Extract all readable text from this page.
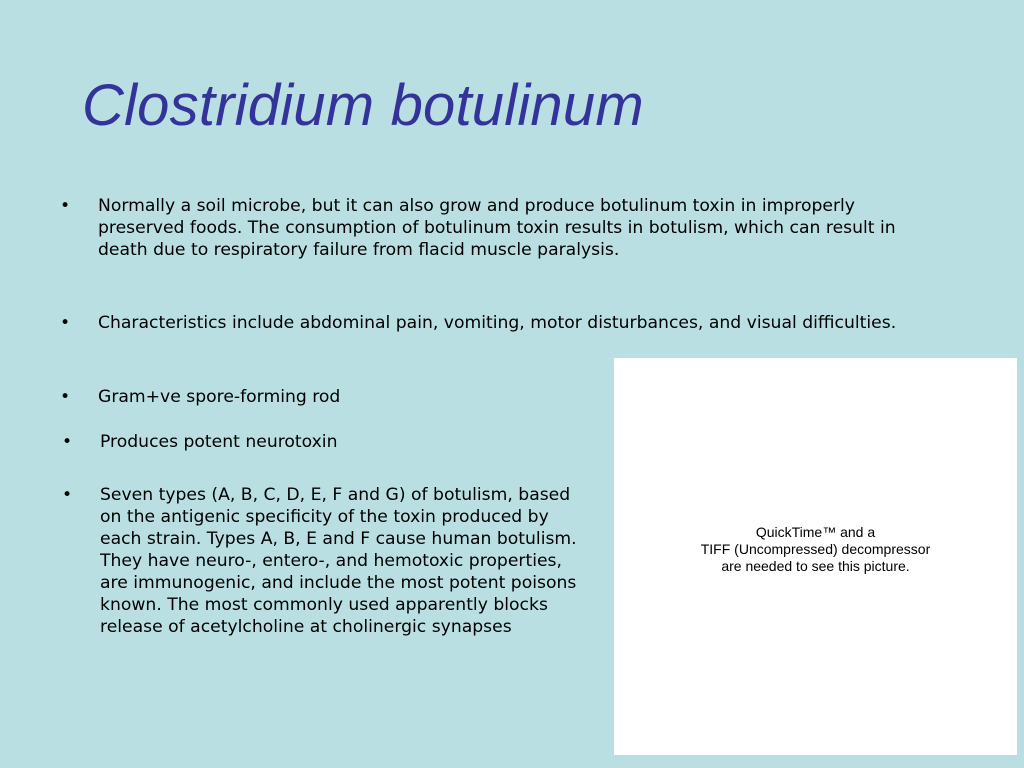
Clostridium botulinum
• Normally a soil microbe, but it can also grow and produce botulinum toxin in improperly preserved foods. The consumption of botulinum toxin results in botulism, which can result in death due to respiratory failure from flacid muscle paralysis.
• Characteristics include abdominal pain, vomiting, motor disturbances, and visual difficulties.
• Gram+ve spore-forming rod
• Produces potent neurotoxin
• Seven types (A, B, C, D, E, F and G) of botulism, based on the antigenic specificity of the toxin produced by each strain. Types A, B, E and F cause human botulism. They have neuro-, entero-, and hemotoxic properties, are immunogenic, and include the most potent poisons known. The most commonly used apparently blocks release of acetylcholine at cholinergic synapses
QuickTime™ and a
TIFF (Uncompressed) decompressor
are needed to see this picture.
